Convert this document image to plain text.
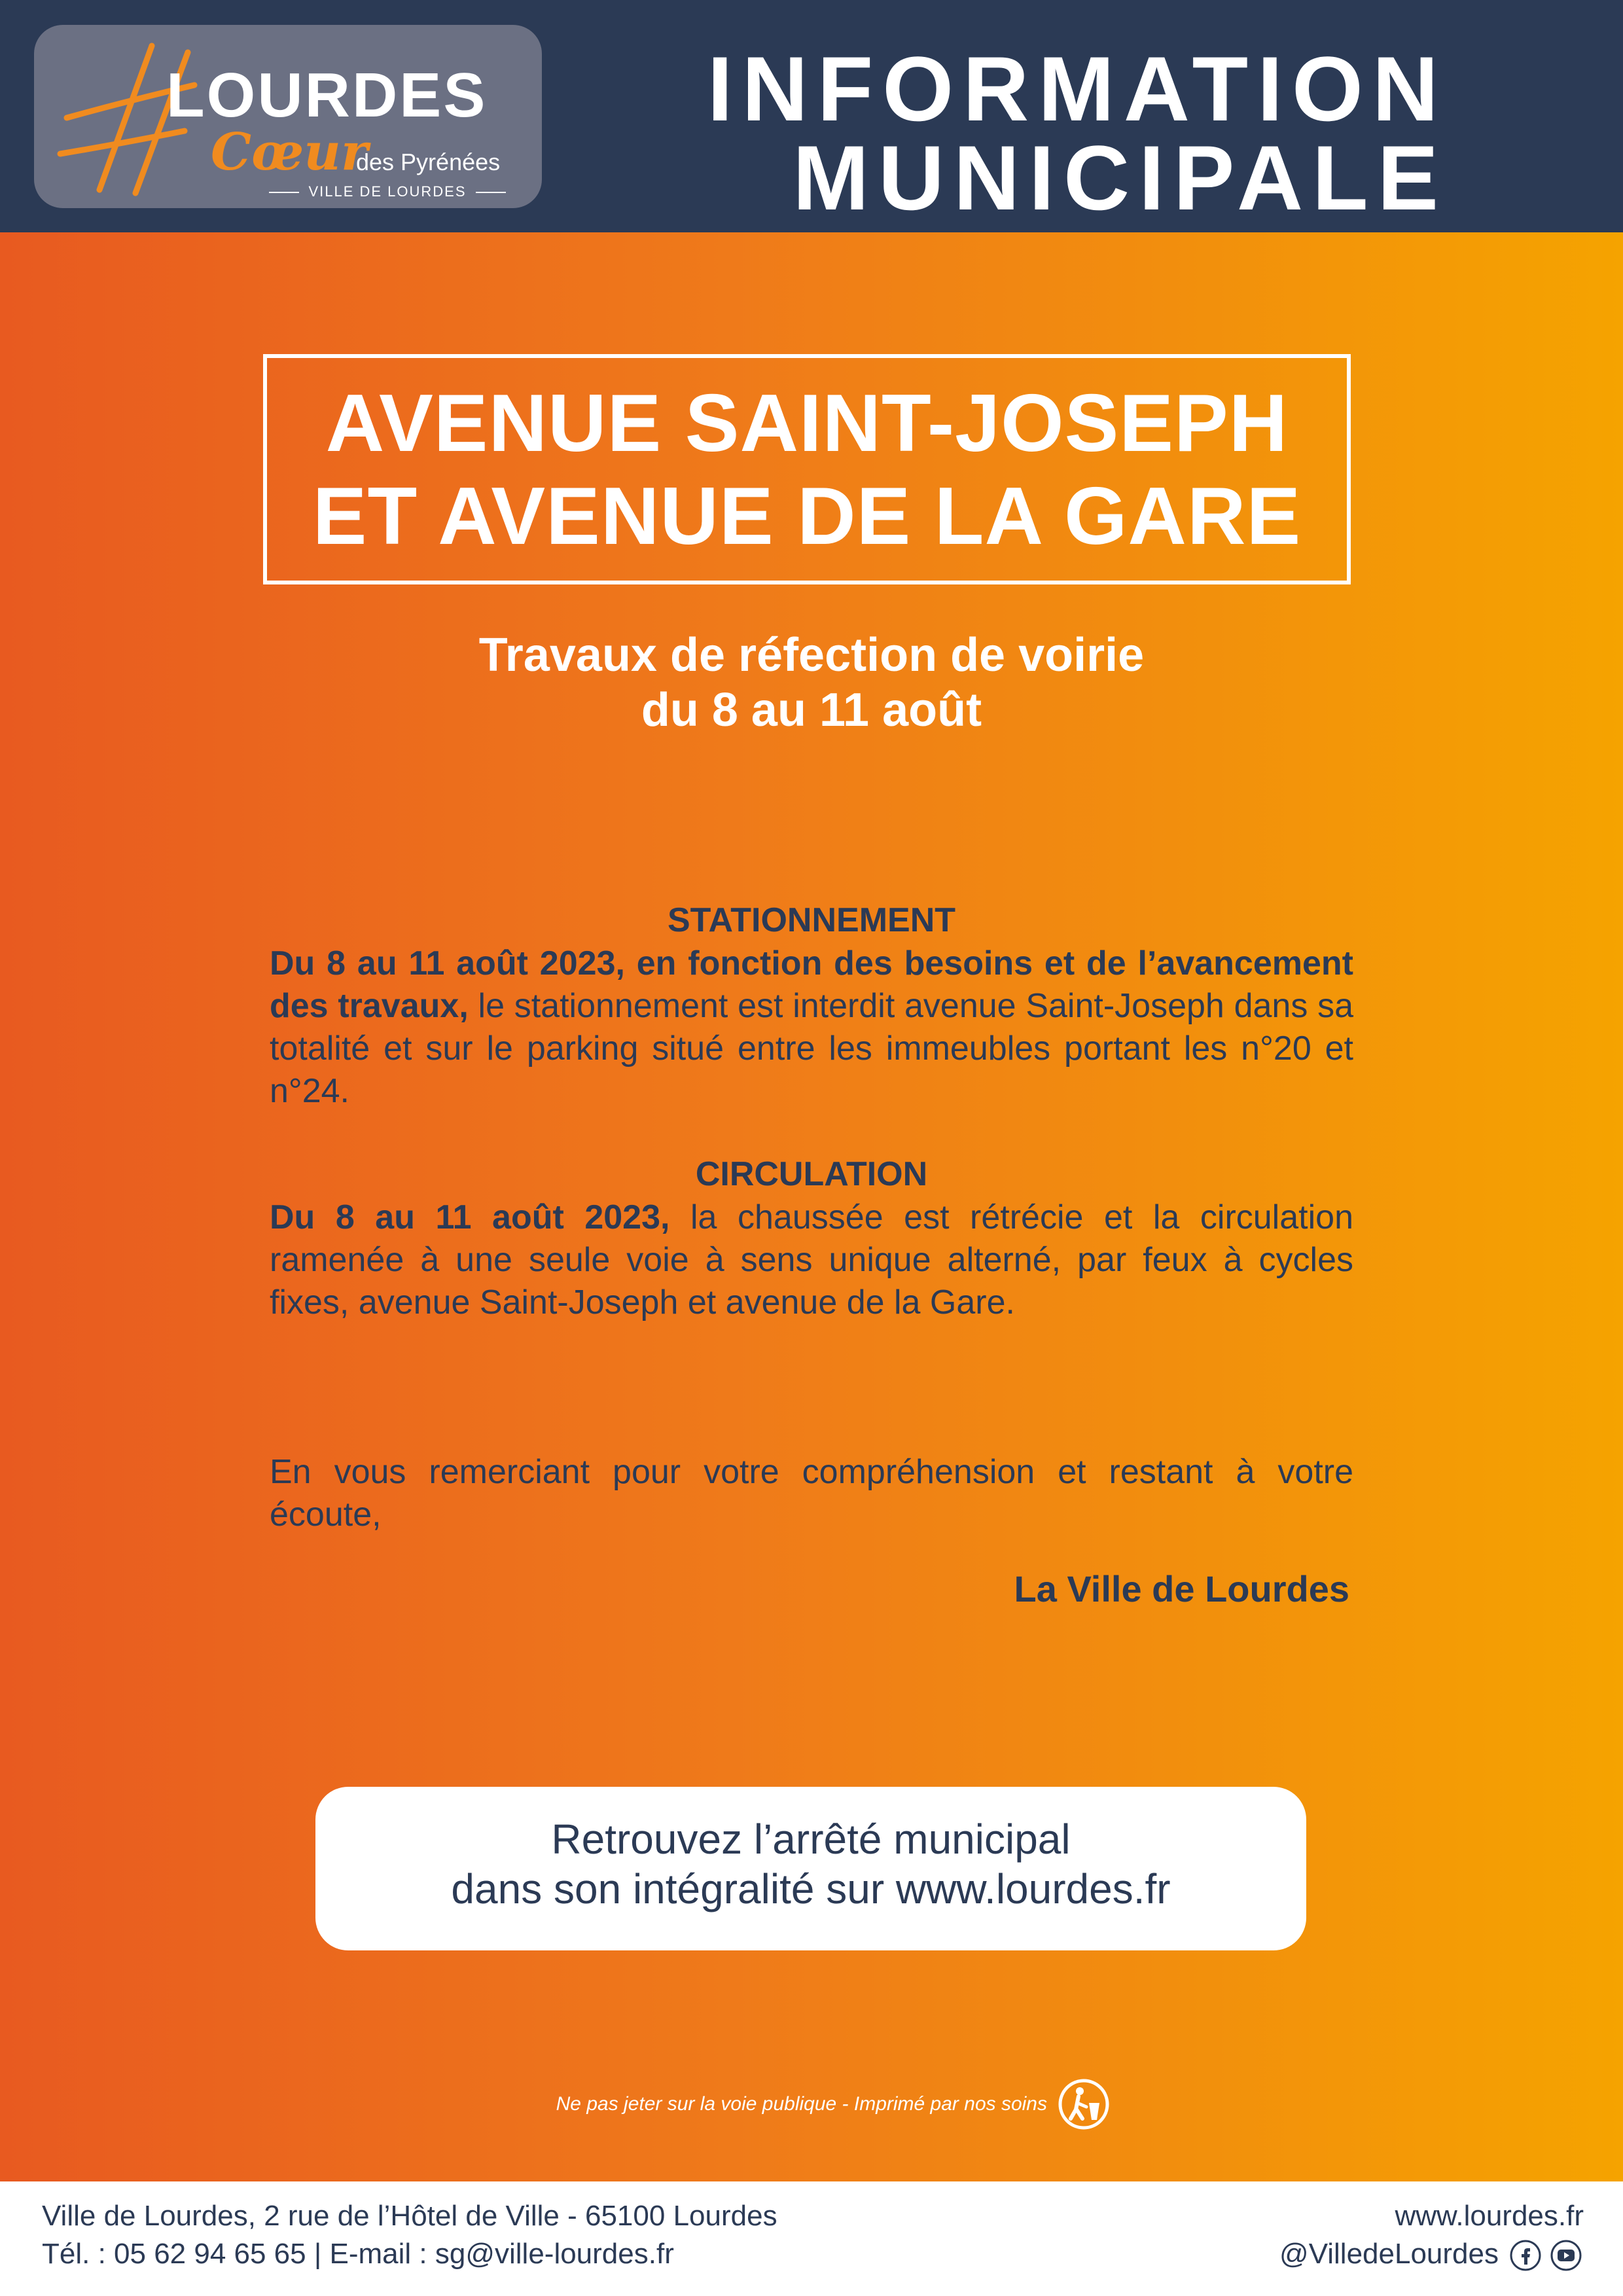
LOURDES
Cœur
des Pyrénées
VILLE DE LOURDES
INFORMATION
MUNICIPALE
AVENUE SAINT-JOSEPH
ET AVENUE DE LA GARE
Travaux de réfection de voirie
du 8 au 11 août
STATIONNEMENT
Du 8 au 11 août 2023, en fonction des besoins et de l’avancement des travaux, le stationnement est interdit avenue Saint-Joseph dans sa totalité et sur le parking situé entre les immeubles portant les n°20 et n°24.
CIRCULATION
Du 8 au 11 août 2023, la chaussée est rétrécie et la circulation ramenée à une seule voie à sens unique alterné, par feux à cycles fixes, avenue Saint-Joseph et avenue de la Gare.
En vous remerciant pour votre compréhension et restant à votre écoute,
La Ville de Lourdes
Retrouvez l’arrêté municipal
dans son intégralité sur www.lourdes.fr
Ne pas jeter sur la voie publique - Imprimé par nos soins
Ville de Lourdes, 2 rue de l’Hôtel de Ville - 65100 Lourdes
Tél. : 05 62 94 65 65 | E-mail : sg@ville-lourdes.fr
www.lourdes.fr
@VilledeLourdes
